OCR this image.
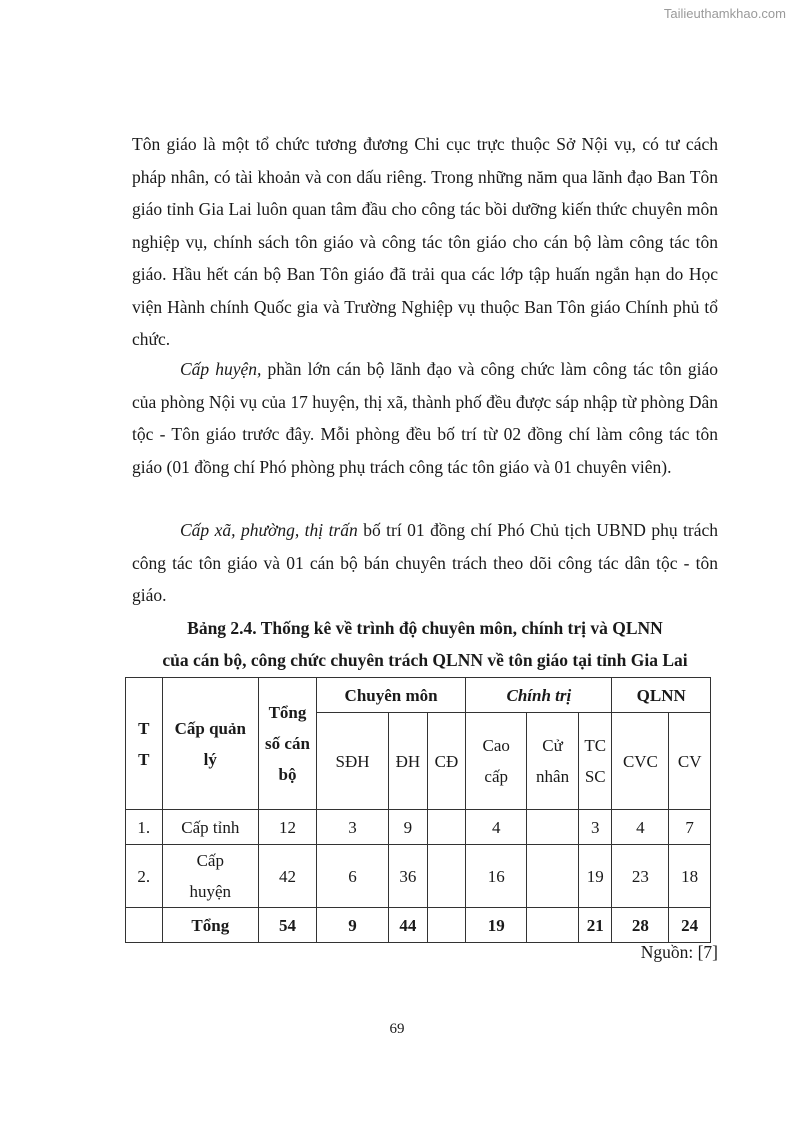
Tailieuthamkhao.com

Tôn giáo là một tổ chức tương đương Chi cục trực thuộc Sở Nội vụ, có tư cách pháp nhân, có tài khoản và con dấu riêng. Trong những năm qua lãnh đạo Ban Tôn giáo tỉnh Gia Lai luôn quan tâm đầu cho công tác bồi dưỡng kiến thức chuyên môn nghiệp vụ, chính sách tôn giáo và công tác tôn giáo cho cán bộ làm công tác tôn giáo. Hầu hết cán bộ Ban Tôn giáo đã trải qua các lớp tập huấn ngắn hạn do Học viện Hành chính Quốc gia và Trường Nghiệp vụ thuộc Ban Tôn giáo Chính phủ tổ chức.

Cấp huyện, phần lớn cán bộ lãnh đạo và công chức làm công tác tôn giáo của phòng Nội vụ của 17 huyện, thị xã, thành phố đều được sáp nhập từ phòng Dân tộc - Tôn giáo trước đây. Mỗi phòng đều bố trí từ 02 đồng chí làm công tác tôn giáo (01 đồng chí Phó phòng phụ trách công tác tôn giáo và 01 chuyên viên).

Cấp xã, phường, thị trấn bố trí 01 đồng chí Phó Chủ tịch UBND phụ trách công tác tôn giáo và 01 cán bộ bán chuyên trách theo dõi công tác dân tộc - tôn giáo.

Bảng 2.4. Thống kê về trình độ chuyên môn, chính trị và QLNN
của cán bộ, công chức chuyên trách QLNN về tôn giáo tại tỉnh Gia Lai
T T	Cấp quản lý	Tổng số cán bộ	Chuyên môn			Chính trị			QLNN	
			SĐH	ĐH	CĐ	Cao cấp	Cử nhân	TC SC	CVC	CV
1.	Cấp tỉnh	12	3	9		4		3	4	7
2.	Cấp huyện	42	6	36		16		19	23	18
	Tổng	54	9	44		19		21	28	24
Nguồn: [7]
69
